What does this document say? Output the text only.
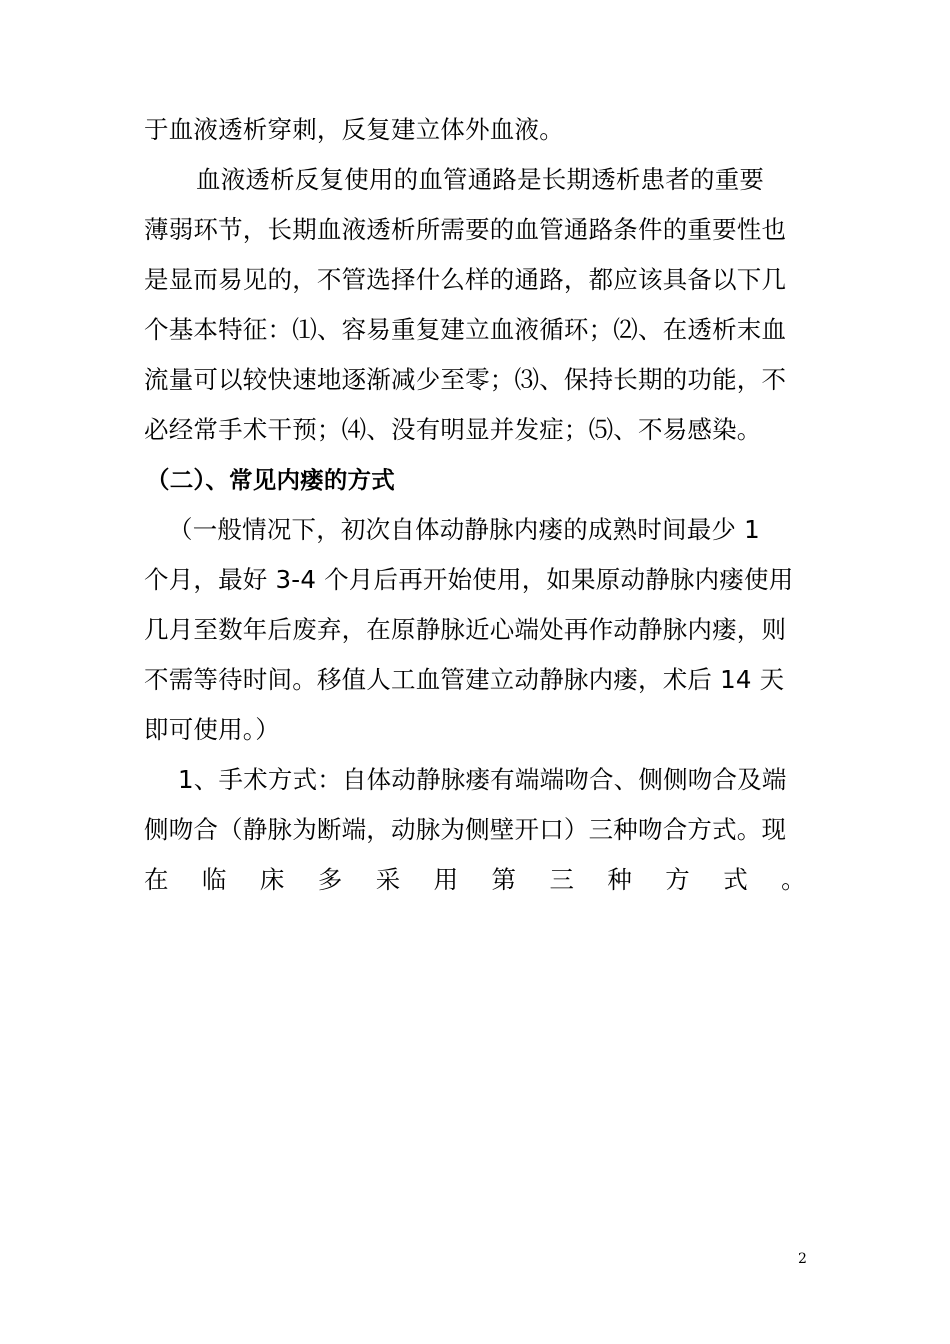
于血液透析穿刺，反复建立体外血液。
血液透析反复使用的血管通路是长期透析患者的重要
薄弱环节，长期血液透析所需要的血管通路条件的重要性也
是显而易见的，不管选择什么样的通路，都应该具备以下几
个基本特征：⑴、容易重复建立血液循环；⑵、在透析末血
流量可以较快速地逐渐减少至零；⑶、保持长期的功能，不
必经常手术干预；⑷、没有明显并发症；⑸、不易感染。
（二）、常见内瘘的方式
（一般情况下，初次自体动静脉内瘘的成熟时间最少 1
个月，最好 3-4 个月后再开始使用，如果原动静脉内瘘使用
几月至数年后废弃，在原静脉近心端处再作动静脉内瘘，则
不需等待时间。移值人工血管建立动静脉内瘘，术后 14 天
即可使用。）
1、手术方式：自体动静脉瘘有端端吻合、侧侧吻合及端
侧吻合（静脉为断端，动脉为侧壁开口）三种吻合方式。现
在 临 床 多 采 用 第 三 种 方 式 。
2
